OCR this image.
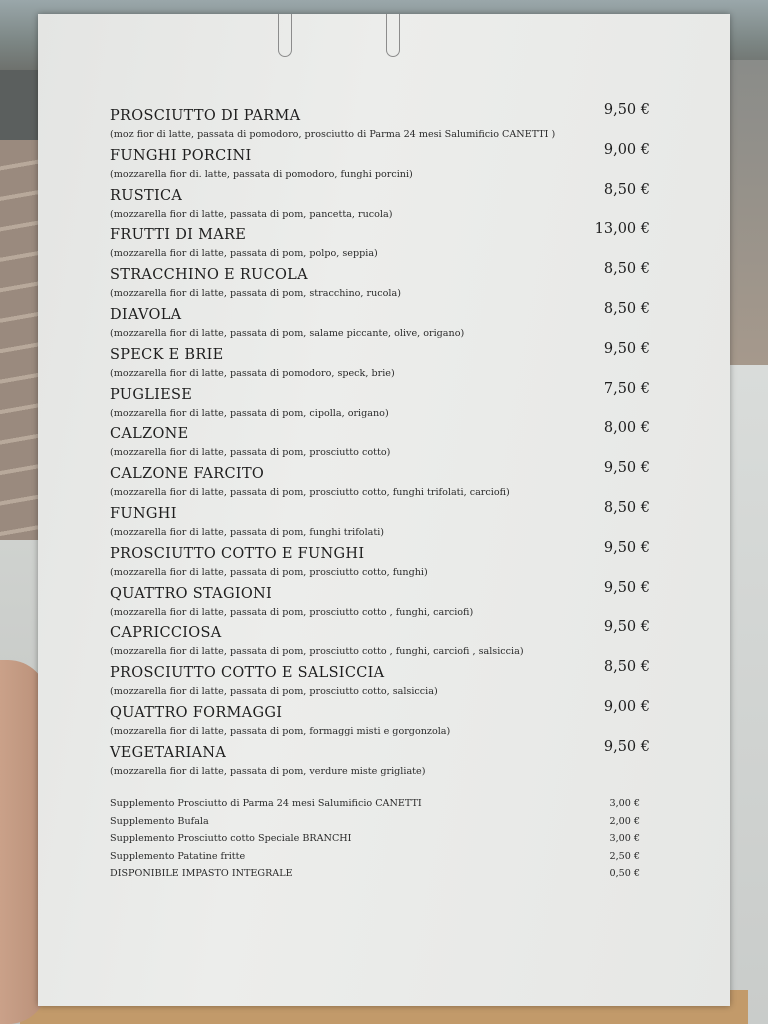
PROSCIUTTO DI PARMA	9,50 €
(moz fior di latte, passata di pomodoro, prosciutto di Parma 24 mesi Salumificio CANETTI )
FUNGHI PORCINI	9,00 €
(mozzarella fior di. latte, passata di pomodoro, funghi porcini)
RUSTICA	8,50 €
(mozzarella fior di latte, passata di pom, pancetta, rucola)
FRUTTI DI MARE	13,00 €
(mozzarella fior di latte, passata di pom, polpo, seppia)
STRACCHINO E RUCOLA	8,50 €
(mozzarella fior di latte, passata di pom, stracchino, rucola)
DIAVOLA	8,50 €
(mozzarella fior di latte, passata di pom, salame piccante, olive, origano)
SPECK E BRIE	9,50 €
(mozzarella fior di latte, passata di pomodoro, speck, brie)
PUGLIESE	7,50 €
(mozzarella fior di latte, passata di pom, cipolla, origano)
CALZONE	8,00 €
(mozzarella fior di latte, passata di pom, prosciutto cotto)
CALZONE FARCITO	9,50 €
(mozzarella fior di latte, passata di pom, prosciutto cotto, funghi trifolati, carciofi)
FUNGHI	8,50 €
(mozzarella fior di latte, passata di pom, funghi trifolati)
PROSCIUTTO COTTO E FUNGHI	9,50 €
(mozzarella fior di latte, passata di pom, prosciutto cotto, funghi)
QUATTRO STAGIONI	9,50 €
(mozzarella fior di latte, passata di pom, prosciutto cotto , funghi, carciofi)
CAPRICCIOSA	9,50 €
(mozzarella fior di latte, passata di pom, prosciutto cotto , funghi, carciofi , salsiccia)
PROSCIUTTO COTTO E SALSICCIA	8,50 €
(mozzarella fior di latte, passata di pom, prosciutto cotto, salsiccia)
QUATTRO FORMAGGI	9,00 €
(mozzarella fior di latte, passata di pom, formaggi misti e gorgonzola)
VEGETARIANA	9,50 €
(mozzarella fior di latte, passata di pom, verdure miste grigliate)
Supplemento Prosciutto di Parma 24 mesi Salumificio CANETTI	3,00 €
Supplemento Bufala	2,00 €
Supplemento Prosciutto cotto Speciale BRANCHI	3,00 €
Supplemento Patatine fritte	2,50 €
DISPONIBILE IMPASTO INTEGRALE	0,50 €
